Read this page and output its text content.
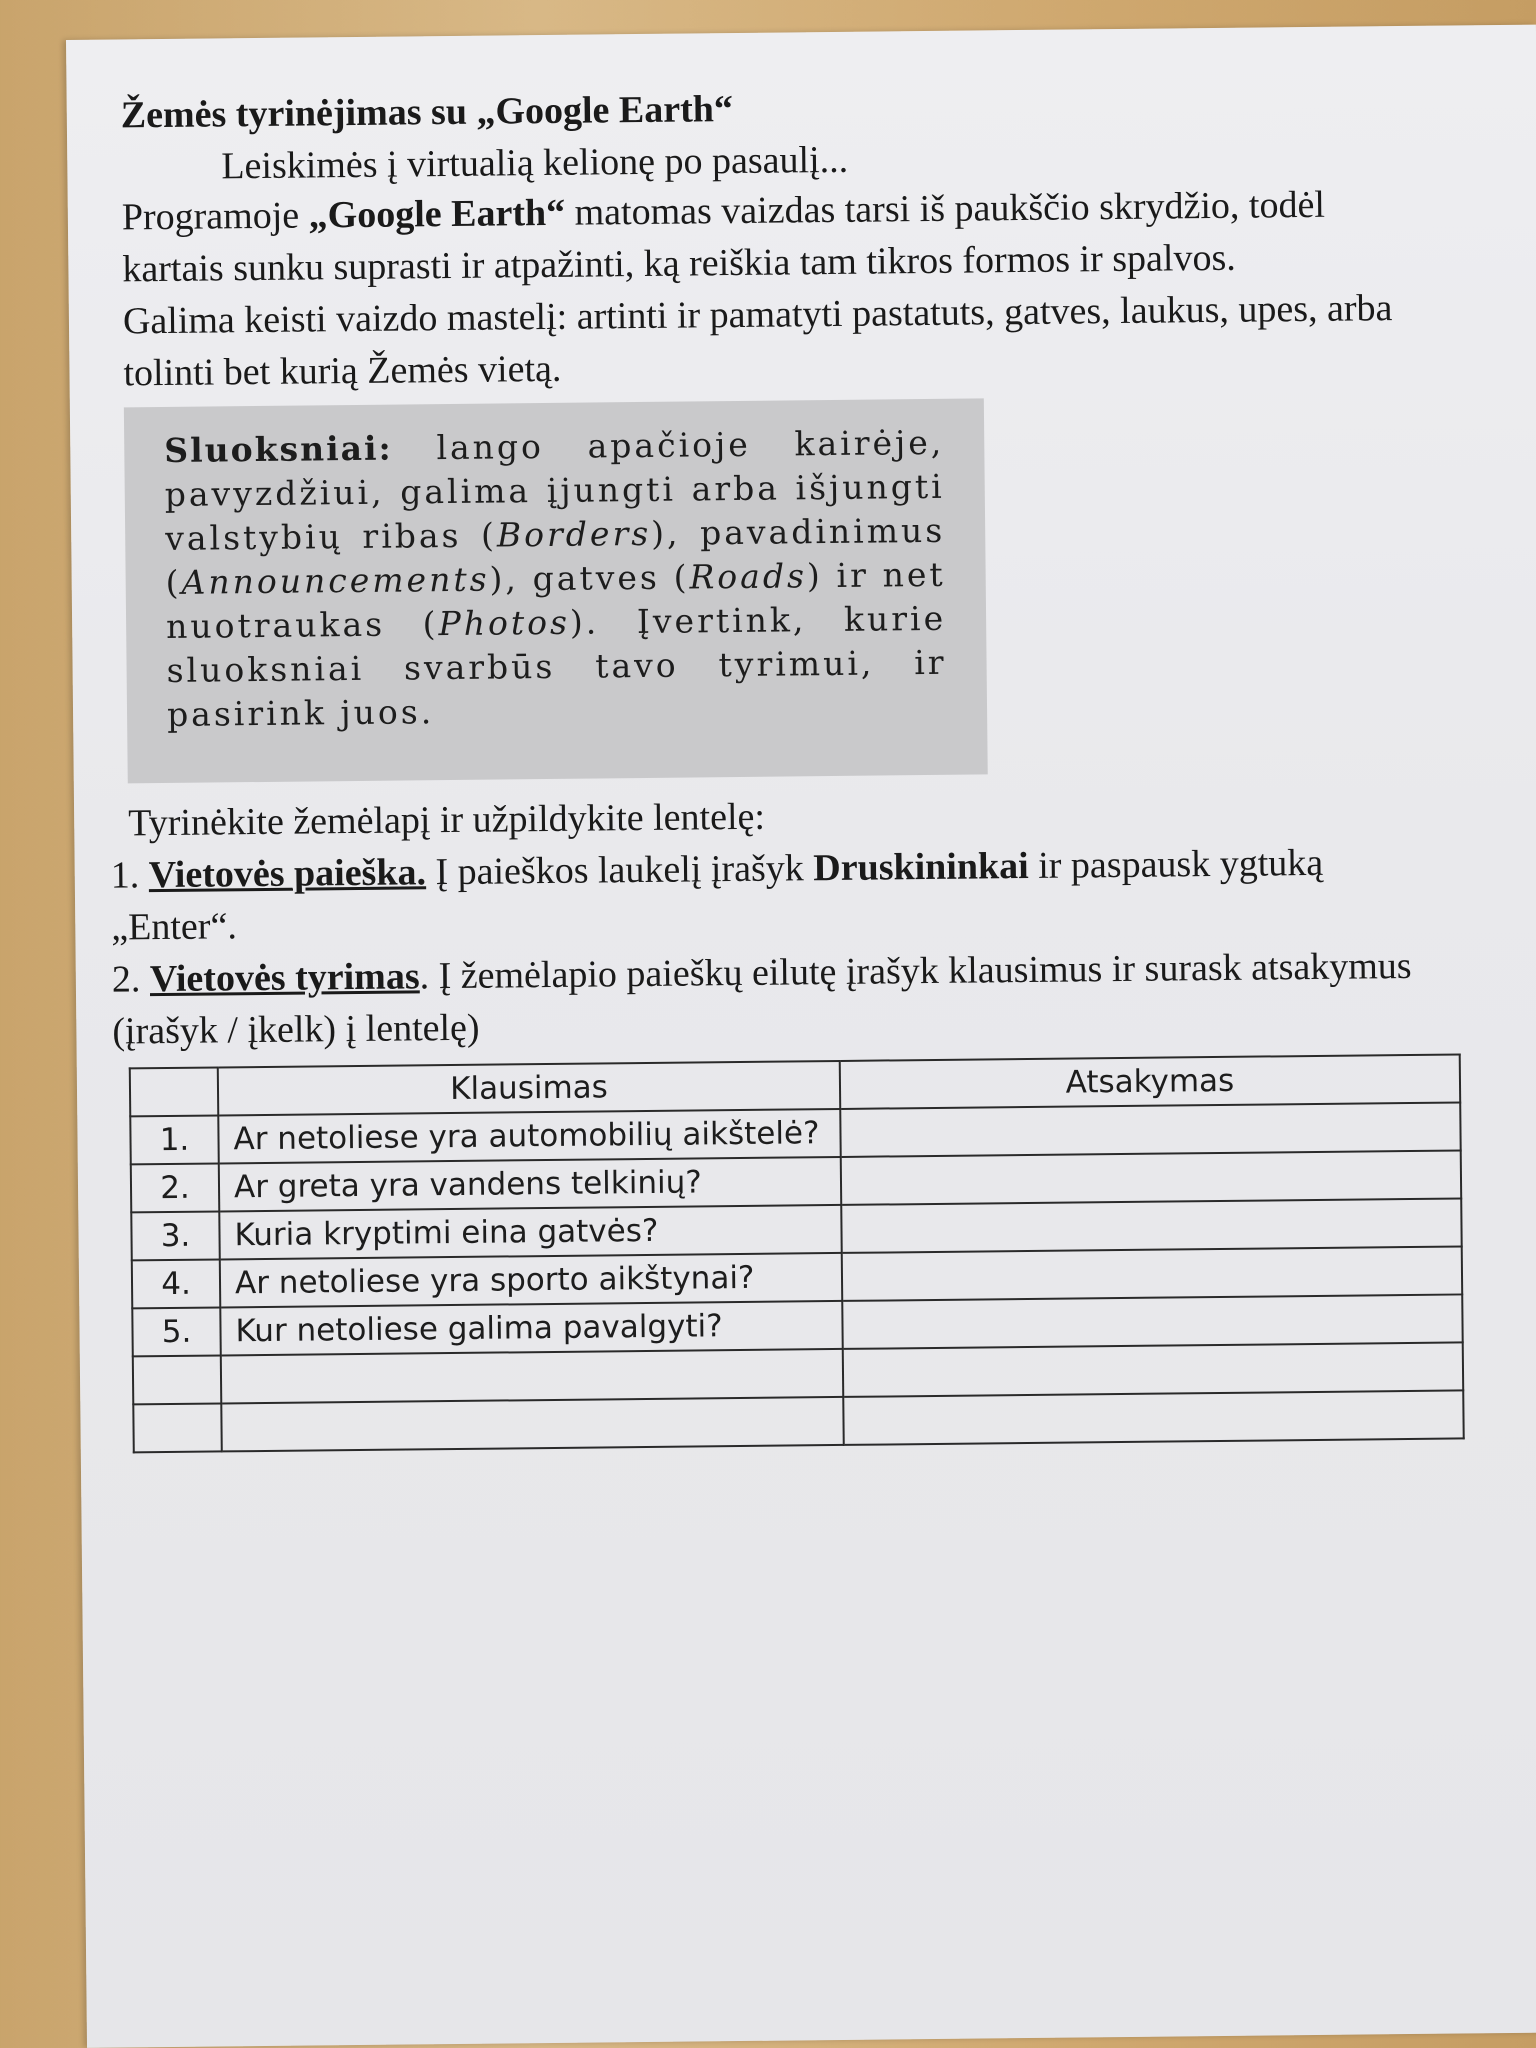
Žemės tyrinėjimas su „Google Earth“

Leiskimės į virtualią kelionę po pasaulį...

Programoje „Google Earth“ matomas vaizdas tarsi iš paukščio skrydžio, todėl kartais sunku suprasti ir atpažinti, ką reiškia tam tikros formos ir spalvos.

Galima keisti vaizdo mastelį: artinti ir pamatyti pastatuts, gatves, laukus, upes, arba tolinti bet kurią Žemės vietą.

Sluoksniai: lango apačioje kairėje, pavyzdžiui, galima įjungti arba išjungti valstybių ribas (Borders), pavadinimus (Announcements), gatves (Roads) ir net nuotraukas (Photos). Įvertink, kurie sluoksniai svarbūs tavo tyrimui, ir pasirink juos.

Tyrinėkite žemėlapį ir užpildykite lentelę:

1. Vietovės paieška. Į paieškos laukelį įrašyk Druskininkai ir paspausk ygtuką „Enter“.

2. Vietovės tyrimas. Į žemėlapio paieškų eilutę įrašyk klausimus ir surask atsakymus (įrašyk / įkelk) į lentelę)

	Klausimas	Atsakymas
1.	Ar netoliese yra automobilių aikštelė?	
2.	Ar greta yra vandens telkinių?	
3.	Kuria kryptimi eina gatvės?	
4.	Ar netoliese yra sporto aikštynai?	
5.	Kur netoliese galima pavalgyti?	
